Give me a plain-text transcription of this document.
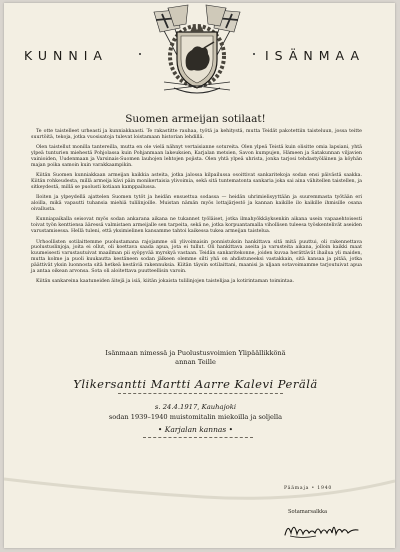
KUNNIA	ISÄNMAA
Suomen armeijan sotilaat!

Te otte taistelleet urheasti ja kunniakkaasti. Te rakastitte rauhaa, työtä ja kehitystä, mutta Teidät pakotettiin taisteluun, jossa teitte suurtöitä, tekoja, jotka vuosisatoja tulevat loistamaan historian lehdillä.

Olen taistellut monilla tantereilla, mutta en ole vielä nähnyt vertaisianne sotureita. Olen ylpeä Teistä kuin olisitte omia lapsiani, yhtä ylpeä tunturien miehestä Pohjolassa kuin Pohjanmaan lakeuksien, Karjalan metsien, Savon kumpujen, Hämeen ja Satakunnan viljavien vainioiden, Uudenmaan ja Varsinais-Suomen lauhojen lehtojen pojista. Olen yhtä ylpeä uhrista, jonka tarjosi tehdastyöläinen ja köyhän majan poika samoin kuin varakkaampikin.

Kiitän Suomen kunniakkaan armeijan kaikkia asteita, jotka jalossa kilpailussa osoittivat sankaritekoja sodan ensi päivästä saakka. Kiitän rohkeudesta, millä armeija kävi päin monikertaisia ylivoimia, sekä sitä tuntematonta sankaria joka sai aina vähitellen taistellen, ja sitkeydestä, millä se puolusti kotiaan kamppailussa.

Iloiten ja ylpeydellä ajattelen Suomen tytöt ja heidän ensuettua sodassa — heidän uhrimielisyyttään ja suuremmasta työtään eri aloilla, mikä vapautti tuhansia miehiä tulilinjoille. Muistan nämän myös lottajärjestö ja kannan kaikille ilo kaikille ihmisille osana oivallusta.

Kunniapaikalla seisovat myös sodan ankarana aikana ne tukannet työläiset, jotka ilmahyökkäyksenkin aikana usein vapaaehtoisesti toivat työn kenttiensa ääressä valmistaen armeijalle sen tarpeita, sekä ne, jotka korpuantamalla vihollisen tuleesa työskentelivät aseiden varustamisessa. Hellä tuleni, että yksimielinen kansamme tahtoi kaikessa tukea armeijan taistelua.

Urhoollisten sotilaittemme puolustamana rajojamme oli ylivoimaisin ponnistuksin hankittava sitä mitä puuttui, oli rakennettava puolustuslinjoja, joita ei ollut, oli koettava saada apua, jota ei tullut. Oli hankittava aseita ja varusteita aikana, jolloin kaikki maat kuumeisesti varustautuivat maailman pii syöpyvää myrskyä vastaan. Teidän sankaritekonne, joiden kuvaa herättävät ihailua yli maiden, mutta kolme ja puoli kuukautta kestäneen sodan jälkeen olemme silti yhä on ahdistuneeksi vastakkain, sitä kansaa ja pitää, jotka päättivät yksin luonnosta sitä hetkeä kestäviä rakennuksia. Kiitän täysin sotilaittani, maanisi ja uljaan sotavoimamme tarjoutuivat apua ja antaa oikean arvonsa. Sota oli aloitettava puutteellisin varoin.

Kiitän sankareina kaatuneiden äitejä ja isiä, kiitän jokaista tulilinjojen taistelijaa ja kotirintaman toimintaa.

Isänmaan nimessä ja Puolustusvoimien Ylipäällikkönä
annan Teille
Ylikersantti Martti Aarre Kalevi Perälä
s. 24.4.1917, Kauhajoki
sodan 1939–1940 muistomitalin miekoilla ja soljella
• Karjalan kannas •
Päämaja • 1940
Sotamarsalkka
